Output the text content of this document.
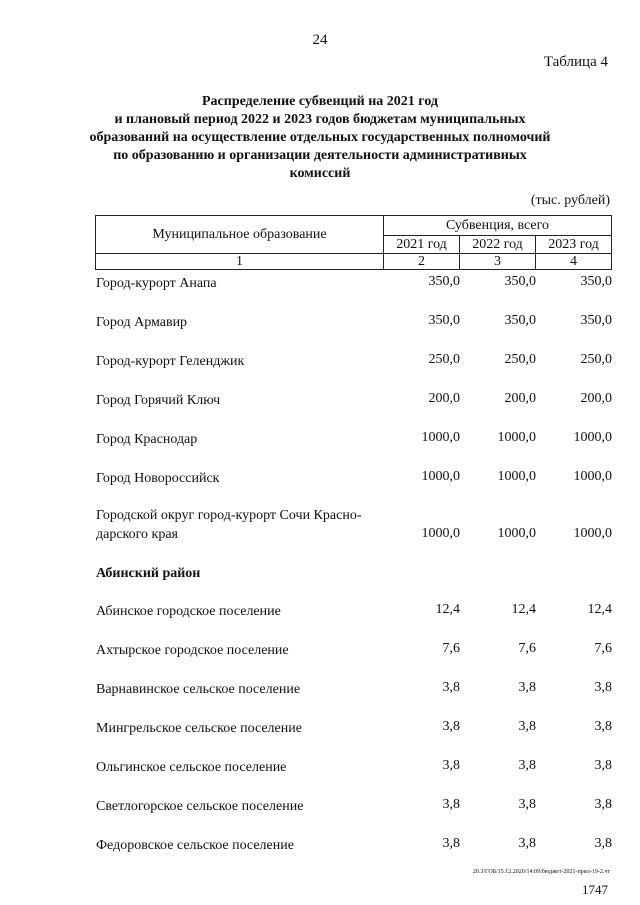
24
Таблица 4
Распределение субвенций на 2021 год
и плановый период 2022 и 2023 годов бюджетам муниципальных
образований на осуществление отдельных государственных полномочий
по образованию и организации деятельности административных
комиссий
(тыс. рублей)
Муниципальное образование
Субвенция, всего
2021 год	2022 год	2023 год
1	2	3	4
Город-курорт Анапа	350,0	350,0	350,0
Город Армавир	350,0	350,0	350,0
Город-курорт Геленджик	250,0	250,0	250,0
Город Горячий Ключ	200,0	200,0	200,0
Город Краснодар	1000,0	1000,0	1000,0
Город Новороссийск	1000,0	1000,0	1000,0
Городской округ город-курорт Сочи Красно-
дарского края	1000,0	1000,0	1000,0
Абинский район
Абинское городское поселение	12,4	12,4	12,4
Ахтырское городское поселение	7,6	7,6	7,6
Варнавинское сельское поселение	3,8	3,8	3,8
Мингрельское сельское поселение	3,8	3,8	3,8
Ольгинское сельское поселение	3,8	3,8	3,8
Светлогорское сельское поселение	3,8	3,8	3,8
Федоровское сельское поселение	3,8	3,8	3,8
20.3/ГОБ/15.12.2020/14:09/бюджет-2021-прил-19-2.чт
1747
